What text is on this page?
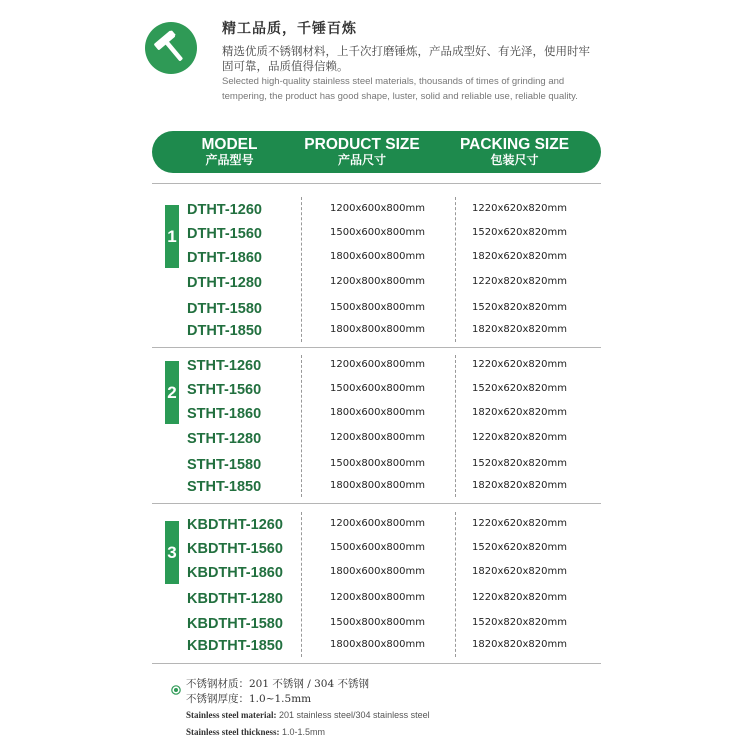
精工品质，千锤百炼
精选优质不锈钢材料，上千次打磨锤炼，产品成型好、有光泽，使用时牢固可靠，品质值得信赖。
Selected high-quality stainless steel materials, thousands of times of grinding and tempering, the product has good shape, luster, solid and reliable use, reliable quality.
MODEL
产品型号
PRODUCT SIZE
产品尺寸
PACKING SIZE
包装尺寸
1
DTHT-1260	1200x600x800mm	1220x620x820mm
DTHT-1560	1500x600x800mm	1520x620x820mm
DTHT-1860	1800x600x800mm	1820x620x820mm
DTHT-1280	1200x800x800mm	1220x820x820mm
DTHT-1580	1500x800x800mm	1520x820x820mm
DTHT-1850	1800x800x800mm	1820x820x820mm
2
STHT-1260	1200x600x800mm	1220x620x820mm
STHT-1560	1500x600x800mm	1520x620x820mm
STHT-1860	1800x600x800mm	1820x620x820mm
STHT-1280	1200x800x800mm	1220x820x820mm
STHT-1580	1500x800x800mm	1520x820x820mm
STHT-1850	1800x800x800mm	1820x820x820mm
3
KBDTHT-1260	1200x600x800mm	1220x620x820mm
KBDTHT-1560	1500x600x800mm	1520x620x820mm
KBDTHT-1860	1800x600x800mm	1820x620x820mm
KBDTHT-1280	1200x800x800mm	1220x820x820mm
KBDTHT-1580	1500x800x800mm	1520x820x820mm
KBDTHT-1850	1800x800x800mm	1820x820x820mm
不锈钢材质：201 不锈钢 / 304 不锈钢
不锈钢厚度：1.0~1.5mm
Stainless steel material: 201 stainless steel/304 stainless steel
Stainless steel thickness: 1.0-1.5mm
